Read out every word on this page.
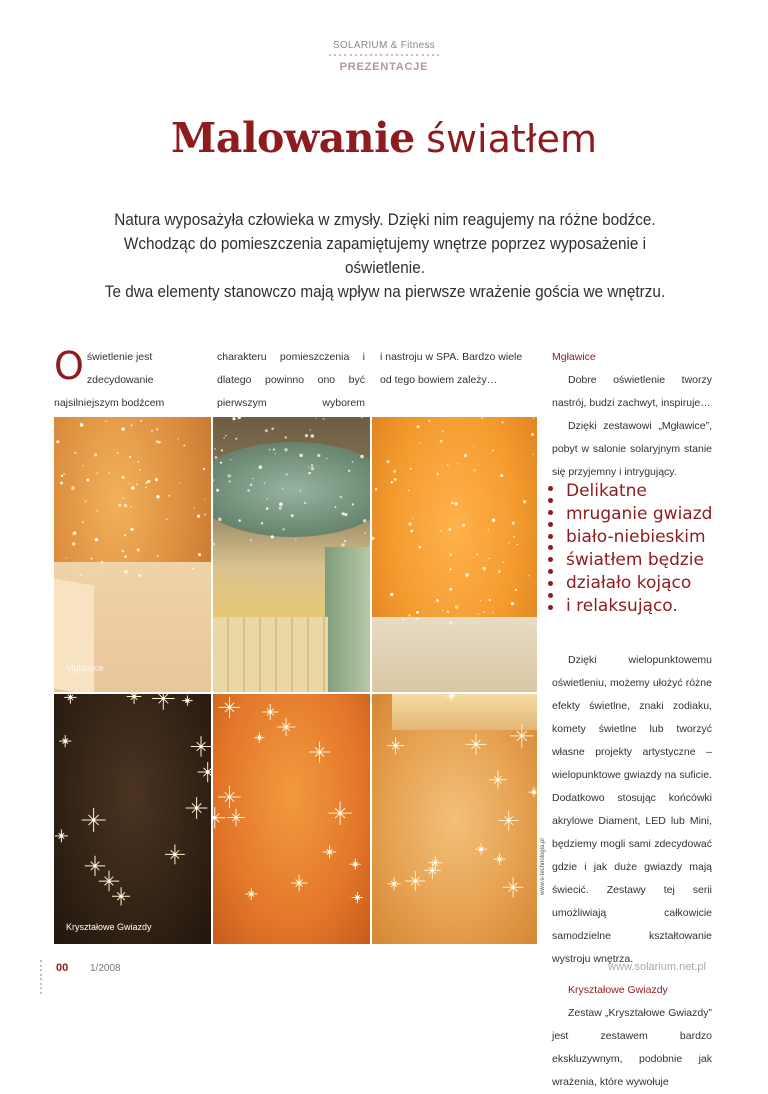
SOLARIUM & Fitness
PREZENTACJE
Malowanie światłem
Natura wyposażyła człowieka w zmysły. Dzięki nim reagujemy na różne bodźce.
Wchodząc do pomieszczenia zapamiętujemy wnętrze poprzez wyposażenie i oświetlenie.
Te dwa elementy stanowczo mają wpływ na pierwsze wrażenie gościa we wnętrzu.
Oświetlenie jest zdecydowanie najsilniejszym bodźcem
charakteru pomieszczenia i dlatego powinno ono być pierwszym wyborem
i nastroju w SPA. Bardzo wiele od tego bowiem zależy…
Mgławice
Dobre oświetlenie tworzy nastrój, budzi zachwyt, inspiruje…
Dzięki zestawowi „Mgławice”, pobyt w salonie solaryjnym stanie się przyjemny i intrygujący.
Dzięki wielopunktowemu oświetleniu, możemy ułożyć różne efekty świetlne, znaki zodiaku, komety świetlne lub tworzyć własne projekty artystyczne – wielopunktowe gwiazdy na suficie. Dodatkowo stosując końcówki akrylowe Diament, LED lub Mini, będziemy mogli sami zdecydować gdzie i jak duże gwiazdy mają świecić. Zestawy tej serii umożliwiają całkowicie samodzielne kształtowanie wystroju wnętrza.
Kryształowe Gwiazdy
Zestaw „Kryształowe Gwiazdy” jest zestawem bardzo ekskluzywnym, podobnie jak wrażenia, które wywołuje
Delikatne
mruganie gwiazd
biało-niebieskim
światłem będzie
działało kojąco
i relaksująco.
Mgławice
Kryształowe Gwiazdy
www.e-technologia.pl
00 1/2008	www.solarium.net.pl
